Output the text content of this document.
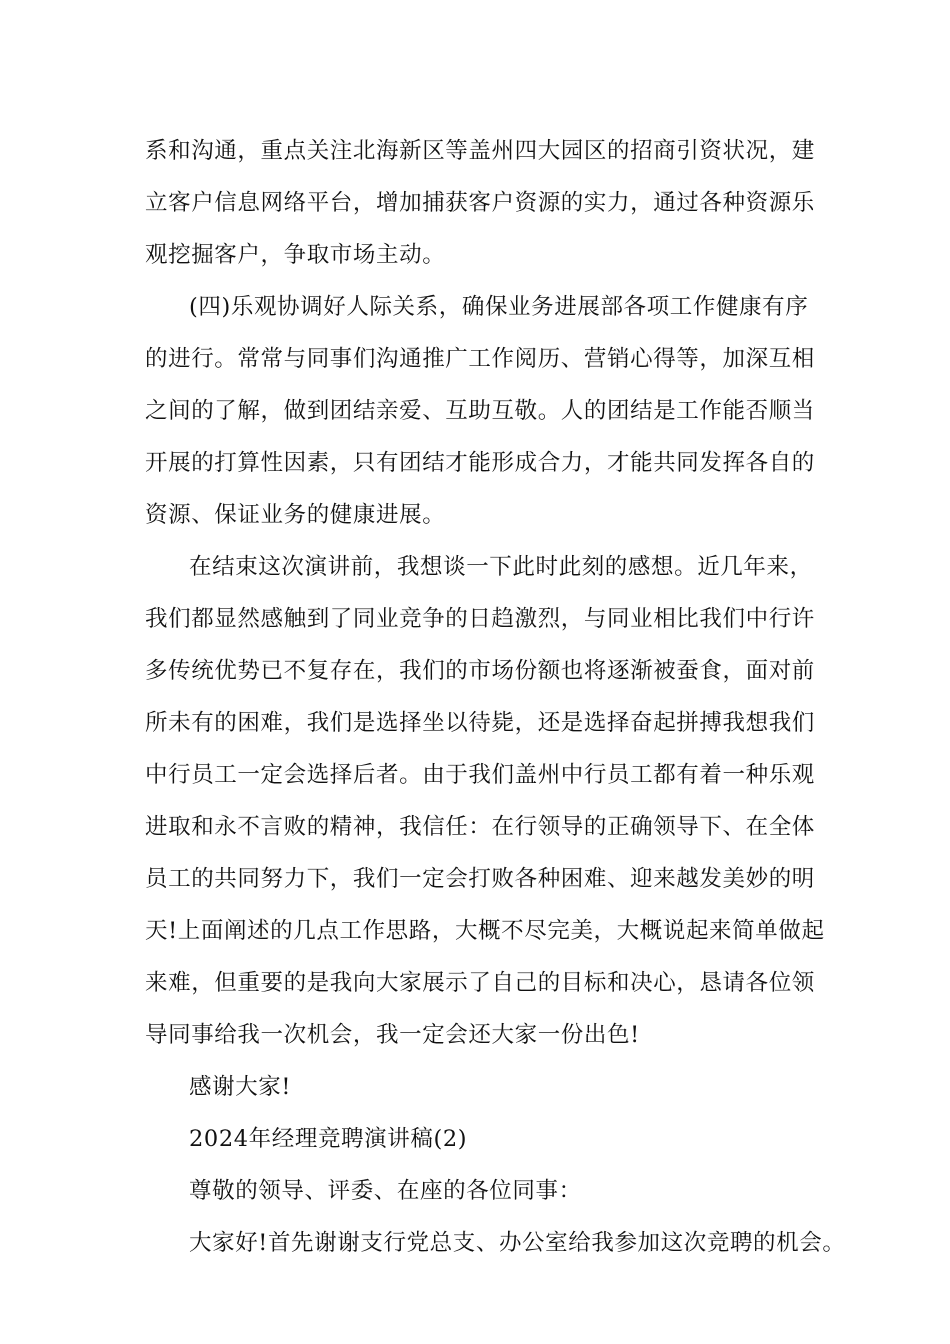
系和沟通，重点关注北海新区等盖州四大园区的招商引资状况，建
立客户信息网络平台，增加捕获客户资源的实力，通过各种资源乐
观挖掘客户，争取市场主动。
(四)乐观协调好人际关系，确保业务进展部各项工作健康有序
的进行。常常与同事们沟通推广工作阅历、营销心得等，加深互相
之间的了解，做到团结亲爱、互助互敬。人的团结是工作能否顺当
开展的打算性因素，只有团结才能形成合力，才能共同发挥各自的
资源、保证业务的健康进展。
在结束这次演讲前，我想谈一下此时此刻的感想。近几年来，
我们都显然感触到了同业竞争的日趋激烈，与同业相比我们中行许
多传统优势已不复存在，我们的市场份额也将逐渐被蚕食，面对前
所未有的困难，我们是选择坐以待毙，还是选择奋起拼搏我想我们
中行员工一定会选择后者。由于我们盖州中行员工都有着一种乐观
进取和永不言败的精神，我信任：在行领导的正确领导下、在全体
员工的共同努力下，我们一定会打败各种困难、迎来越发美妙的明
天!上面阐述的几点工作思路，大概不尽完美，大概说起来简单做起
来难，但重要的是我向大家展示了自己的目标和决心，恳请各位领
导同事给我一次机会，我一定会还大家一份出色!
感谢大家!
2024年经理竞聘演讲稿(2)
尊敬的领导、评委、在座的各位同事：
大家好!首先谢谢支行党总支、办公室给我参加这次竞聘的机会。
